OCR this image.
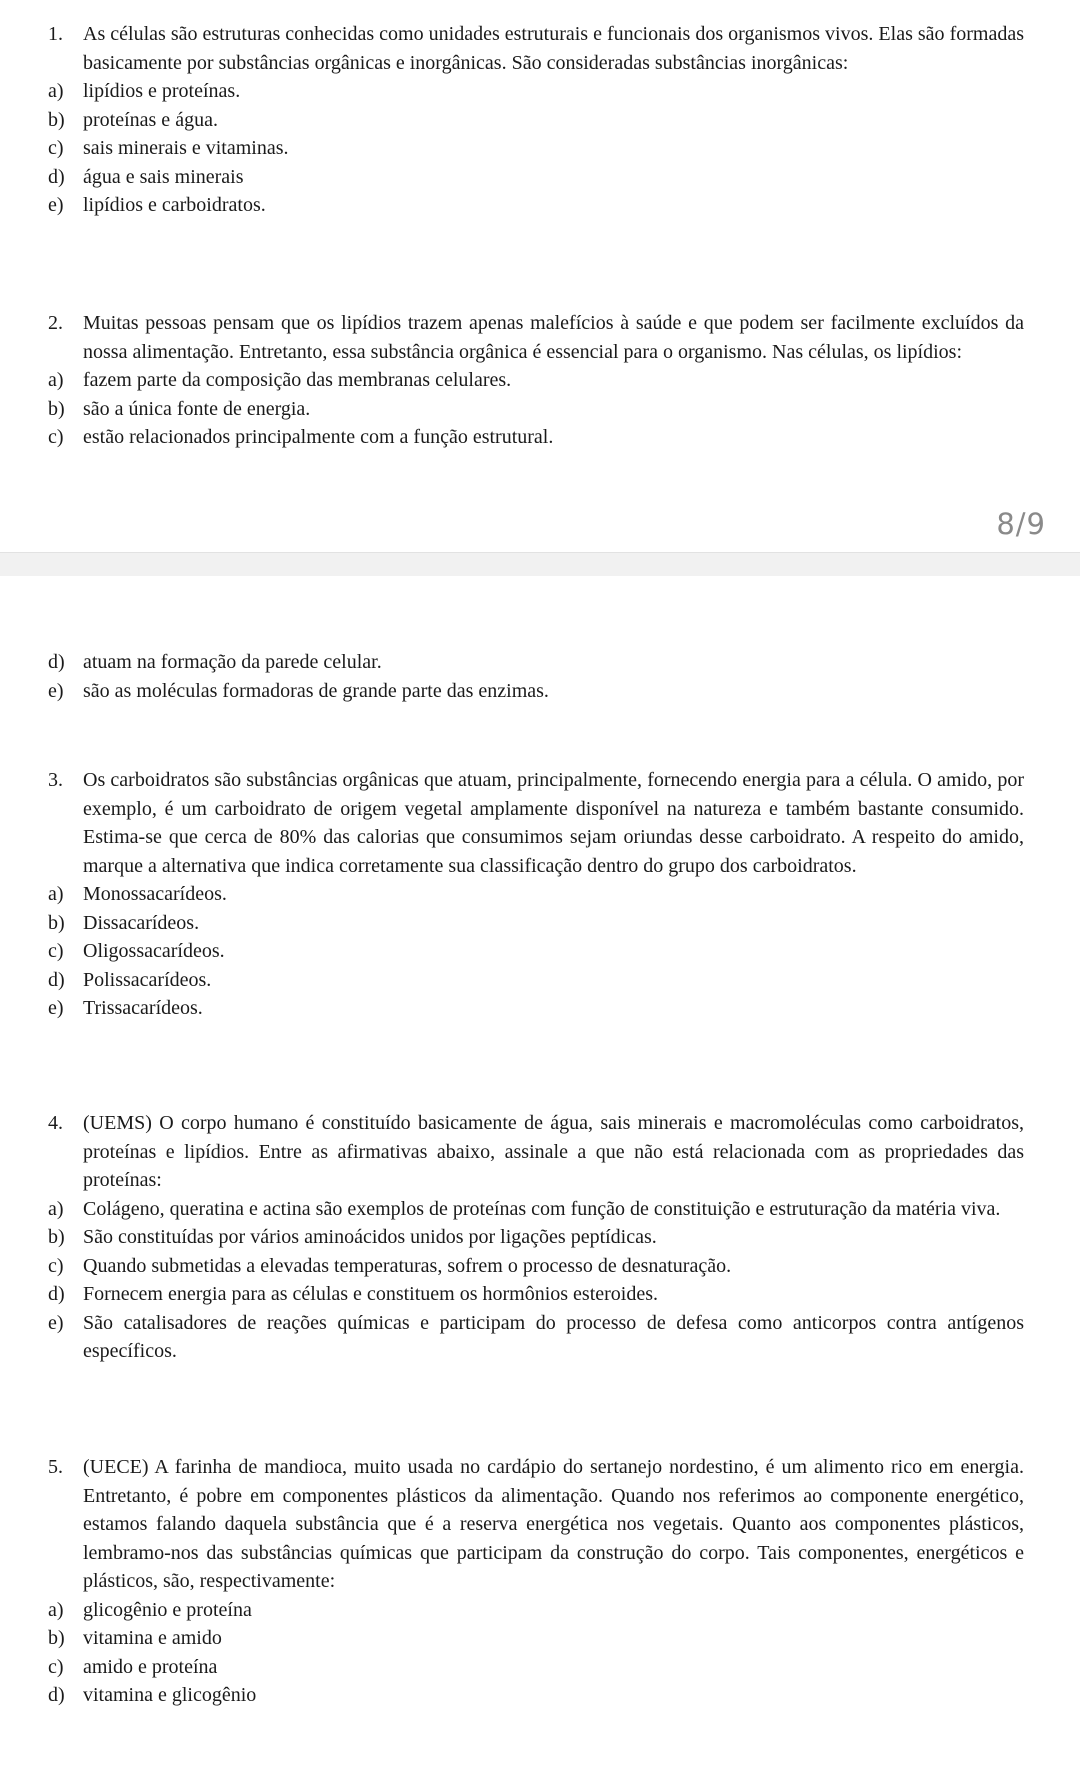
8/9

1. As células são estruturas conhecidas como unidades estruturais e funcionais dos organismos vivos. Elas são formadas basicamente por substâncias orgânicas e inorgânicas. São consideradas substâncias inorgânicas:

a) lipídios e proteínas.
b) proteínas e água.
c) sais minerais e vitaminas.
d) água e sais minerais
e) lipídios e carboidratos.

2. Muitas pessoas pensam que os lipídios trazem apenas malefícios à saúde e que podem ser facilmente excluídos da nossa alimentação. Entretanto, essa substância orgânica é essencial para o organismo. Nas células, os lipídios:

a) fazem parte da composição das membranas celulares.
b) são a única fonte de energia.
c) estão relacionados principalmente com a função estrutural.
d) atuam na formação da parede celular.
e) são as moléculas formadoras de grande parte das enzimas.

3. Os carboidratos são substâncias orgânicas que atuam, principalmente, fornecendo energia para a célula. O amido, por exemplo, é um carboidrato de origem vegetal amplamente disponível na natureza e também bastante consumido. Estima-se que cerca de 80% das calorias que consumimos sejam oriundas desse carboidrato. A respeito do amido, marque a alternativa que indica corretamente sua classificação dentro do grupo dos carboidratos.

a) Monossacarídeos.
b) Dissacarídeos.
c) Oligossacarídeos.
d) Polissacarídeos.
e) Trissacarídeos.

4. (UEMS) O corpo humano é constituído basicamente de água, sais minerais e macromoléculas como carboidratos, proteínas e lipídios. Entre as afirmativas abaixo, assinale a que não está relacionada com as propriedades das proteínas:

a) Colágeno, queratina e actina são exemplos de proteínas com função de constituição e estruturação da matéria viva.
b) São constituídas por vários aminoácidos unidos por ligações peptídicas.
c) Quando submetidas a elevadas temperaturas, sofrem o processo de desnaturação.
d) Fornecem energia para as células e constituem os hormônios esteroides.
e) São catalisadores de reações químicas e participam do processo de defesa como anticorpos contra antígenos específicos.

5. (UECE) A farinha de mandioca, muito usada no cardápio do sertanejo nordestino, é um alimento rico em energia. Entretanto, é pobre em componentes plásticos da alimentação. Quando nos referimos ao componente energético, estamos falando daquela substância que é a reserva energética nos vegetais. Quanto aos componentes plásticos, lembramo-nos das substâncias químicas que participam da construção do corpo. Tais componentes, energéticos e plásticos, são, respectivamente:

a) glicogênio e proteína
b) vitamina e amido
c) amido e proteína
d) vitamina e glicogênio
